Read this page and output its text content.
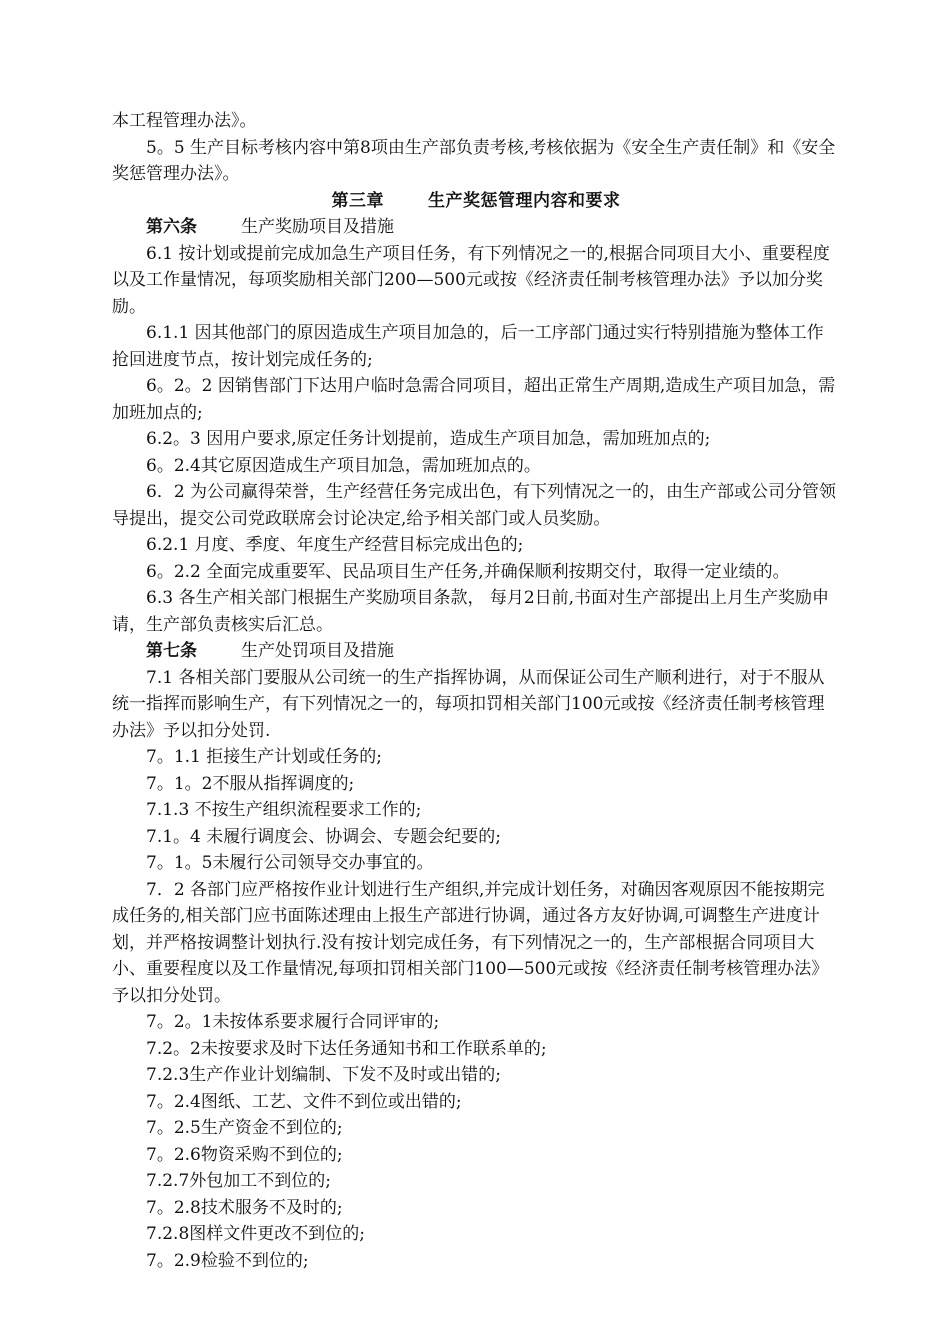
本工程管理办法》。

5。5 生产目标考核内容中第8项由生产部负责考核,考核依据为《安全生产责任制》和《安全奖惩管理办法》。

第三章	生产奖惩管理内容和要求

第六条	生产奖励项目及措施

6.1 按计划或提前完成加急生产项目任务，有下列情况之一的,根据合同项目大小、重要程度以及工作量情况，每项奖励相关部门200—500元或按《经济责任制考核管理办法》予以加分奖励。

6.1.1 因其他部门的原因造成生产项目加急的，后一工序部门通过实行特别措施为整体工作抢回进度节点，按计划完成任务的;

6。2。2 因销售部门下达用户临时急需合同项目，超出正常生产周期,造成生产项目加急，需加班加点的;

6.2。3 因用户要求,原定任务计划提前，造成生产项目加急，需加班加点的;

6。2.4其它原因造成生产项目加急，需加班加点的。

6．2 为公司赢得荣誉，生产经营任务完成出色，有下列情况之一的，由生产部或公司分管领导提出，提交公司党政联席会讨论决定,给予相关部门或人员奖励。

6.2.1 月度、季度、年度生产经营目标完成出色的;

6。2.2 全面完成重要军、民品项目生产任务,并确保顺利按期交付，取得一定业绩的。

6.3 各生产相关部门根据生产奖励项目条款， 每月2日前,书面对生产部提出上月生产奖励申请，生产部负责核实后汇总。

第七条	生产处罚项目及措施

7.1 各相关部门要服从公司统一的生产指挥协调，从而保证公司生产顺利进行，对于不服从统一指挥而影响生产，有下列情况之一的，每项扣罚相关部门100元或按《经济责任制考核管理办法》予以扣分处罚.

7。1.1 拒接生产计划或任务的;

7。1。2不服从指挥调度的;

7.1.3 不按生产组织流程要求工作的;

7.1。4 未履行调度会、协调会、专题会纪要的;

7。1。5未履行公司领导交办事宜的。

7．2 各部门应严格按作业计划进行生产组织,并完成计划任务，对确因客观原因不能按期完成任务的,相关部门应书面陈述理由上报生产部进行协调，通过各方友好协调,可调整生产进度计划，并严格按调整计划执行.没有按计划完成任务，有下列情况之一的，生产部根据合同项目大小、重要程度以及工作量情况,每项扣罚相关部门100—500元或按《经济责任制考核管理办法》予以扣分处罚。

7。2。1未按体系要求履行合同评审的;

7.2。2未按要求及时下达任务通知书和工作联系单的;

7.2.3生产作业计划编制、下发不及时或出错的;

7。2.4图纸、工艺、文件不到位或出错的;

7。2.5生产资金不到位的;

7。2.6物资采购不到位的;

7.2.7外包加工不到位的;

7。2.8技术服务不及时的;

7.2.8图样文件更改不到位的;

7。2.9检验不到位的;
